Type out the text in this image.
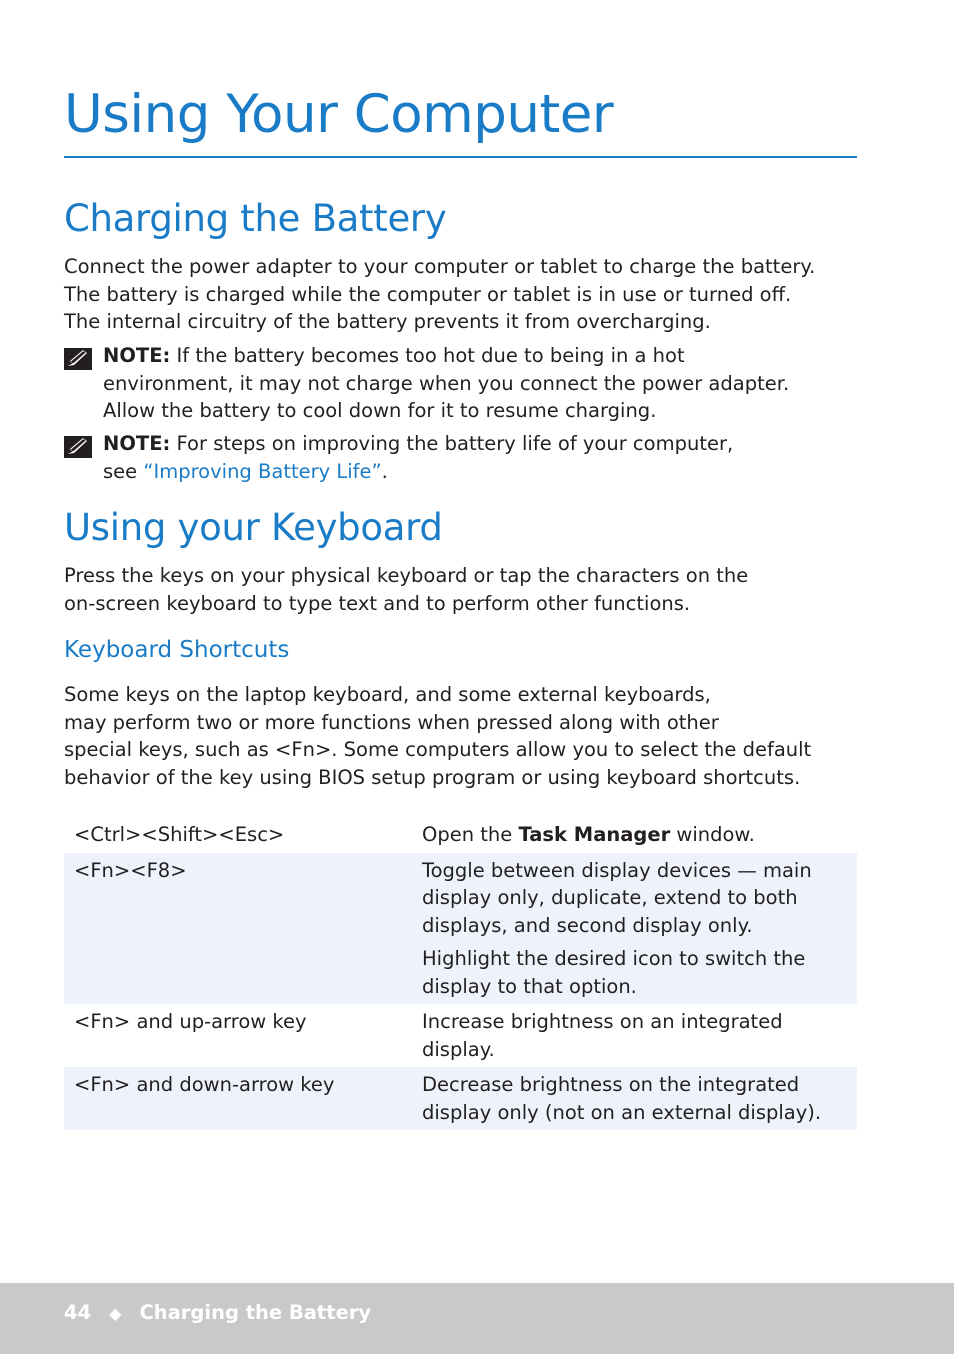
Using Your Computer
Charging the Battery

Connect the power adapter to your computer or tablet to charge the battery.
The battery is charged while the computer or tablet is in use or turned off.
The internal circuitry of the battery prevents it from overcharging.

NOTE: If the battery becomes too hot due to being in a hot
environment, it may not charge when you connect the power adapter.
Allow the battery to cool down for it to resume charging.

NOTE: For steps on improving the battery life of your computer,
see “Improving Battery Life”.

Using your Keyboard

Press the keys on your physical keyboard or tap the characters on the
on-screen keyboard to type text and to perform other functions.

Keyboard Shortcuts

Some keys on the laptop keyboard, and some external keyboards,
may perform two or more functions when pressed along with other
special keys, such as <Fn>. Some computers allow you to select the default
behavior of the key using BIOS setup program or using keyboard shortcuts.

<Ctrl><Shift><Esc>	Open the Task Manager window.
<Fn><F8>	Toggle between display devices — main
display only, duplicate, extend to both
displays, and second display only.

Highlight the desired icon to switch the
display to that option.

<Fn> and up-arrow key	Increase brightness on an integrated
display.

<Fn> and down-arrow key	Decrease brightness on the integrated
display only (not on an external display).
44 ◆ Charging the Battery
